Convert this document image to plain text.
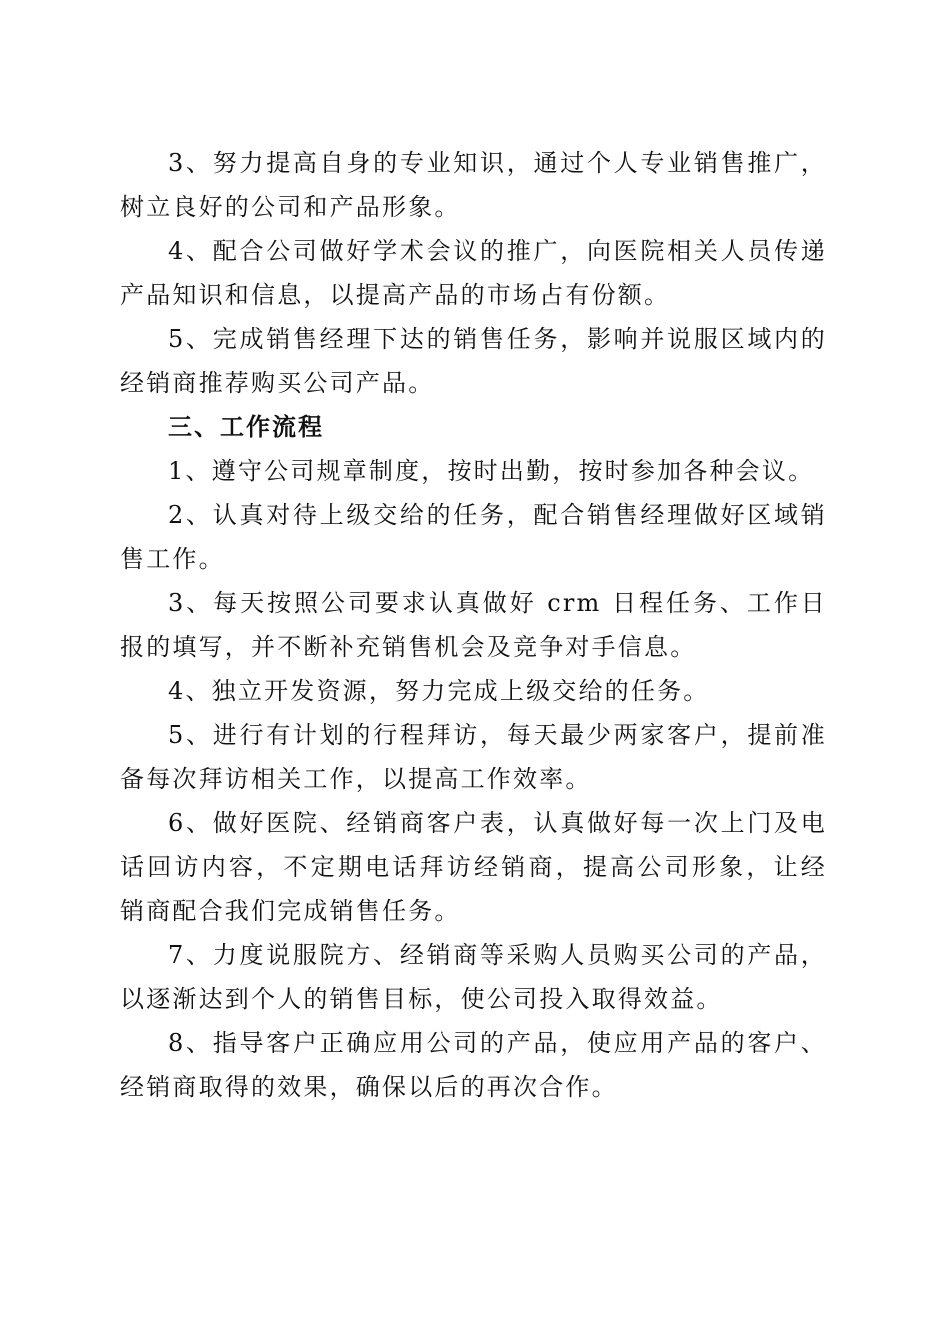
3、努力提高自身的专业知识，通过个人专业销售推广，树立良好的公司和产品形象。

4、配合公司做好学术会议的推广，向医院相关人员传递产品知识和信息，以提高产品的市场占有份额。

5、完成销售经理下达的销售任务，影响并说服区域内的经销商推荐购买公司产品。

三、工作流程

1、遵守公司规章制度，按时出勤，按时参加各种会议。

2、认真对待上级交给的任务，配合销售经理做好区域销售工作。

3、每天按照公司要求认真做好 crm 日程任务、工作日报的填写，并不断补充销售机会及竞争对手信息。

4、独立开发资源，努力完成上级交给的任务。

5、进行有计划的行程拜访，每天最少两家客户，提前准备每次拜访相关工作，以提高工作效率。

6、做好医院、经销商客户表，认真做好每一次上门及电话回访内容，不定期电话拜访经销商，提高公司形象，让经销商配合我们完成销售任务。

7、力度说服院方、经销商等采购人员购买公司的产品，以逐渐达到个人的销售目标，使公司投入取得效益。

8、指导客户正确应用公司的产品，使应用产品的客户、经销商取得的效果，确保以后的再次合作。
